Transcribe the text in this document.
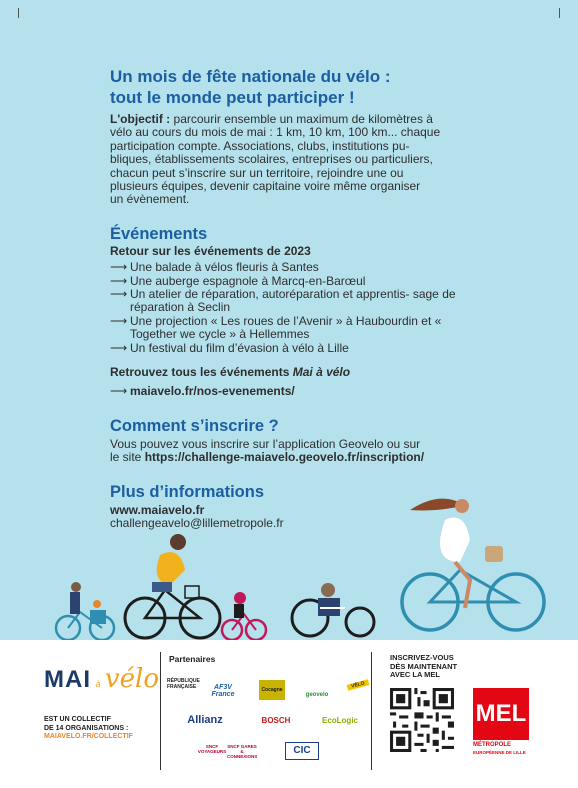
Un mois de fête nationale du vélo :
tout le monde peut participer !

L'objectif : parcourir ensemble un maximum de kilomètres à
vélo au cours du mois de mai : 1 km, 10 km, 100 km... chaque
participation compte. Associations, clubs, institutions pu-
bliques, établissements scolaires, entreprises ou particuliers,
chacun peut s’inscrire sur un territoire, rejoindre une ou
plusieurs équipes, devenir capitaine voire même organiser
un évènement.

Événements

Retour sur les événements de 2023

⟶ Une balade à vélos fleuris à Santes
⟶ Une auberge espagnole à Marcq-en-Barœul
⟶ Un atelier de réparation, autoréparation et apprentis- sage de réparation à Seclin
⟶ Une projection « Les roues de l’Avenir » à Haubourdin et « Together we cycle » à Hellemmes
⟶ Un festival du film d’évasion à vélo à Lille

Retrouvez tous les événements Mai à vélo

⟶ maiavelo.fr/nos-evenements/

Comment s’inscrire ?

Vous pouvez vous inscrire sur l’application Geovelo ou sur
le site https://challenge-maiavelo.geovelo.fr/inscription/

Plus d’informations

www.maiavelo.fr
challengeavelo@lillemetropole.fr

MAI à vélo
EST UN COLLECTIF
DE 14 ORGANISATIONS :
MAIAVELO.FR/COLLECTIF
Partenaires
RÉPUBLIQUE FRANÇAISE	AF3V France
Cocagne
geovelo
VÉLO
Allianz	BOSCH	EcoLogic
SNCF VOYAGEURS
SNCF GARES & CONNEXIONS
CIC
INSCRIVEZ-VOUS
DÈS MAINTENANT
AVEC LA MEL
MEL
MÉTROPOLE
EUROPÉENNE DE LILLE
